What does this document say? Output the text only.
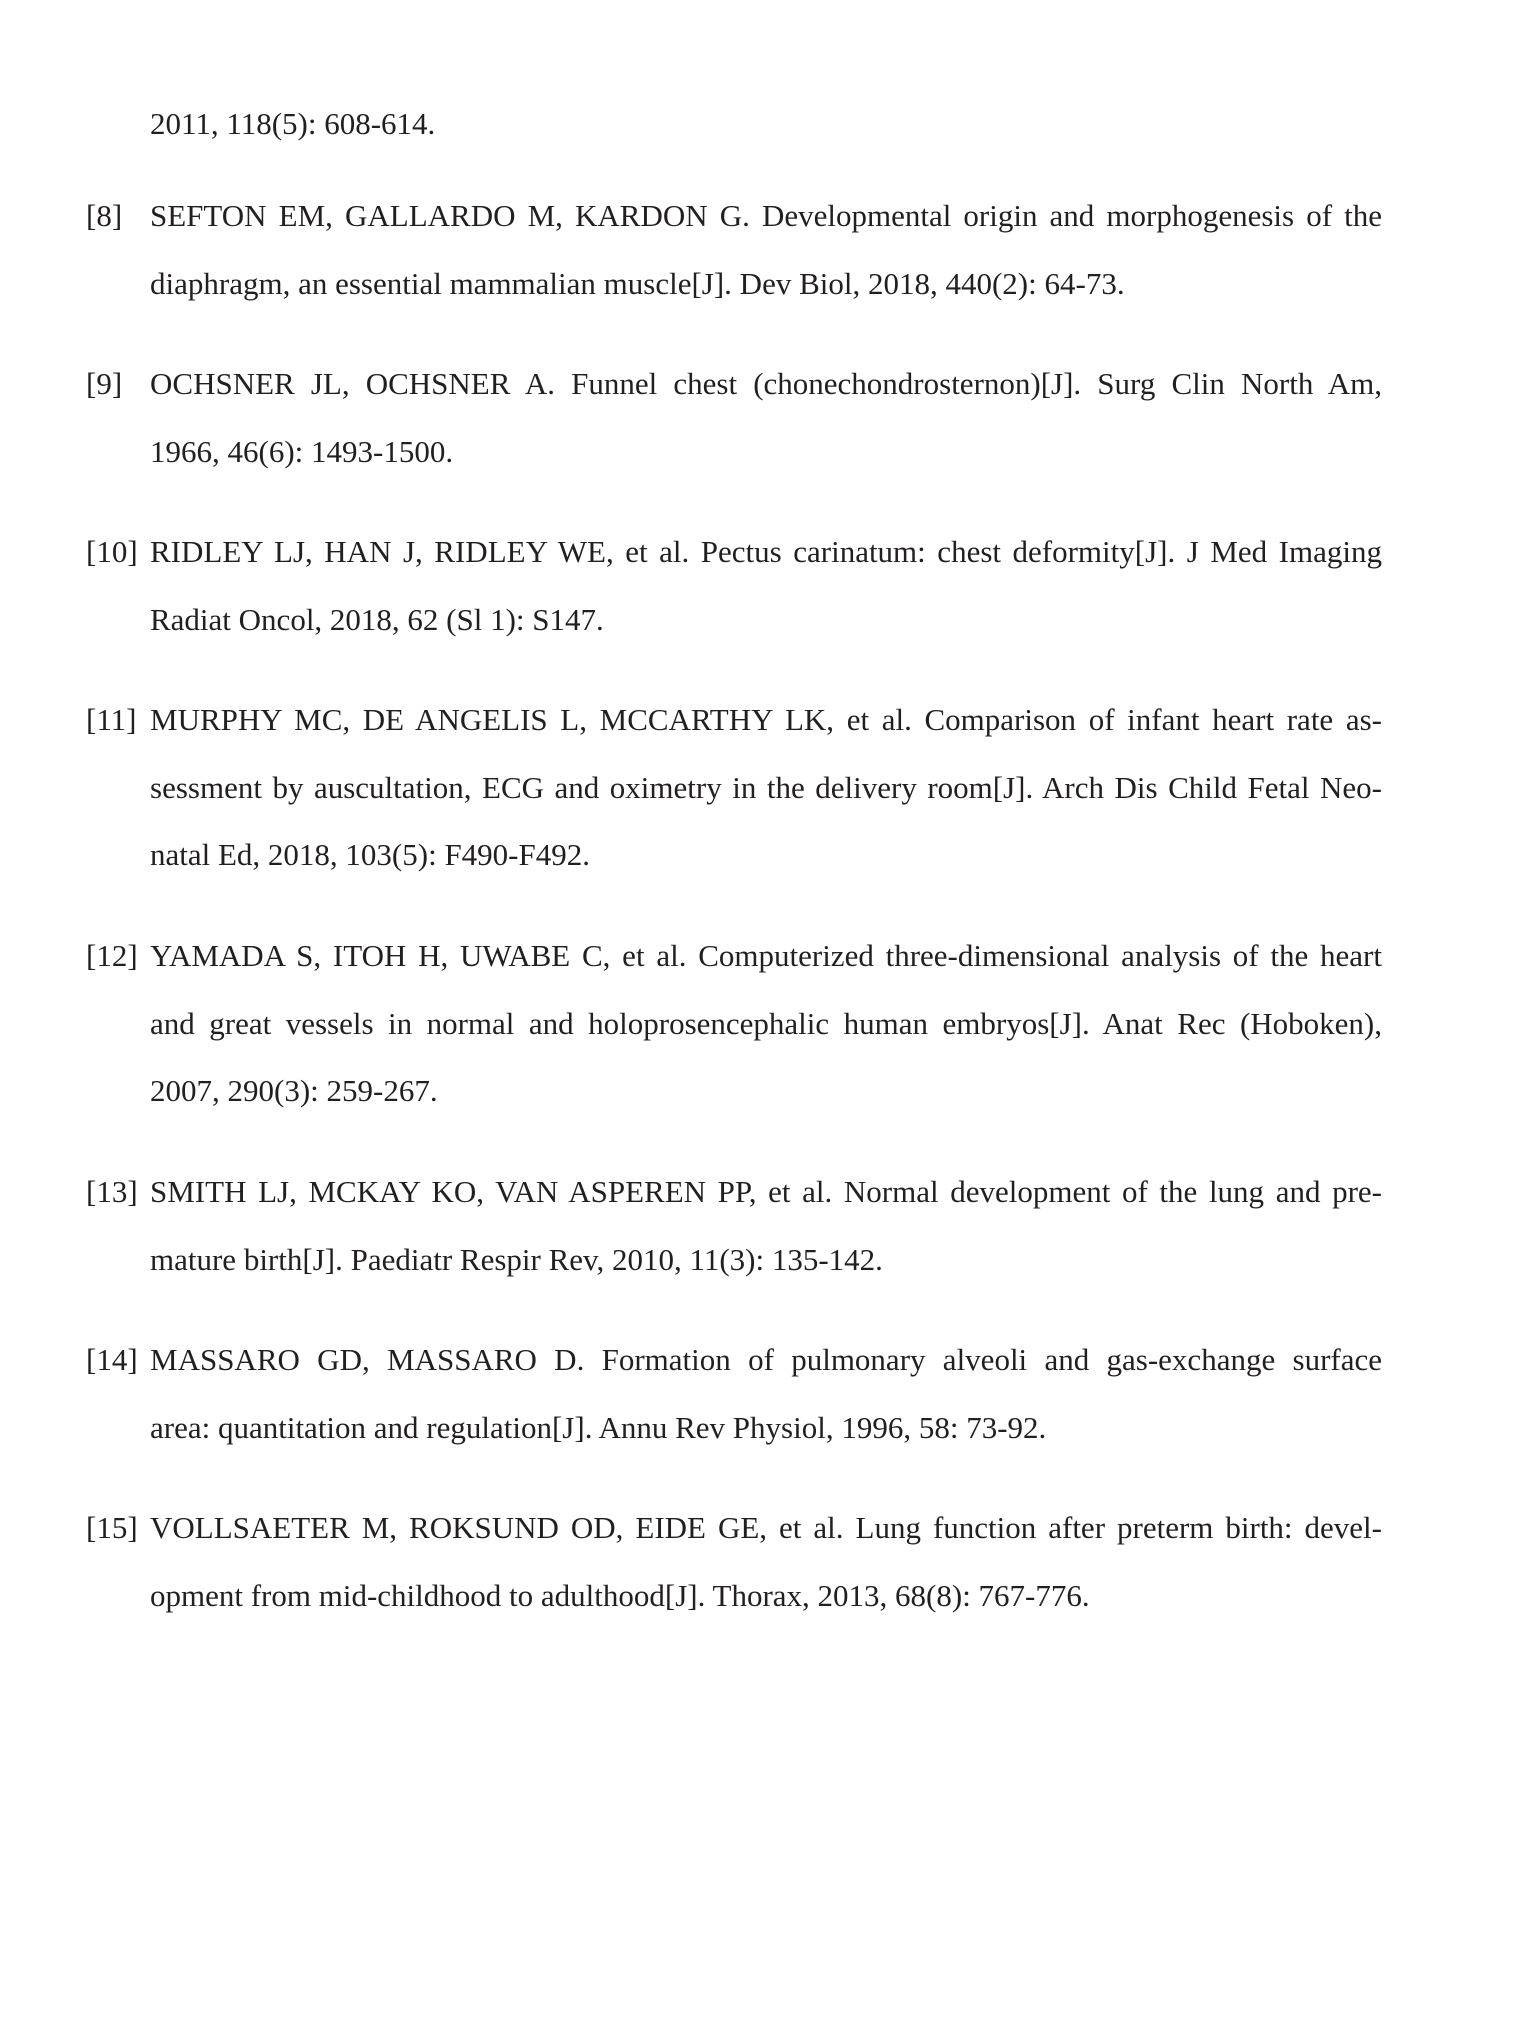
2011, 118(5): 608-614.
[8] SEFTON EM, GALLARDO M, KARDON G. Developmental origin and morphogenesis of the
diaphragm, an essential mammalian muscle[J]. Dev Biol, 2018, 440(2): 64-73.
[9] OCHSNER JL, OCHSNER A. Funnel chest (chonechondrosternon)[J]. Surg Clin North Am,
1966, 46(6): 1493-1500.
[10] RIDLEY LJ, HAN J, RIDLEY WE, et al. Pectus carinatum: chest deformity[J]. J Med Imaging
Radiat Oncol, 2018, 62 (Sl 1): S147.
[11] MURPHY MC, DE ANGELIS L, MCCARTHY LK, et al. Comparison of infant heart rate as-
sessment by auscultation, ECG and oximetry in the delivery room[J]. Arch Dis Child Fetal Neo-
natal Ed, 2018, 103(5): F490-F492.
[12] YAMADA S, ITOH H, UWABE C, et al. Computerized three-dimensional analysis of the heart
and great vessels in normal and holoprosencephalic human embryos[J]. Anat Rec (Hoboken),
2007, 290(3): 259-267.
[13] SMITH LJ, MCKAY KO, VAN ASPEREN PP, et al. Normal development of the lung and pre-
mature birth[J]. Paediatr Respir Rev, 2010, 11(3): 135-142.
[14] MASSARO GD, MASSARO D. Formation of pulmonary alveoli and gas-exchange surface
area: quantitation and regulation[J]. Annu Rev Physiol, 1996, 58: 73-92.
[15] VOLLSAETER M, ROKSUND OD, EIDE GE, et al. Lung function after preterm birth: devel-
opment from mid-childhood to adulthood[J]. Thorax, 2013, 68(8): 767-776.
